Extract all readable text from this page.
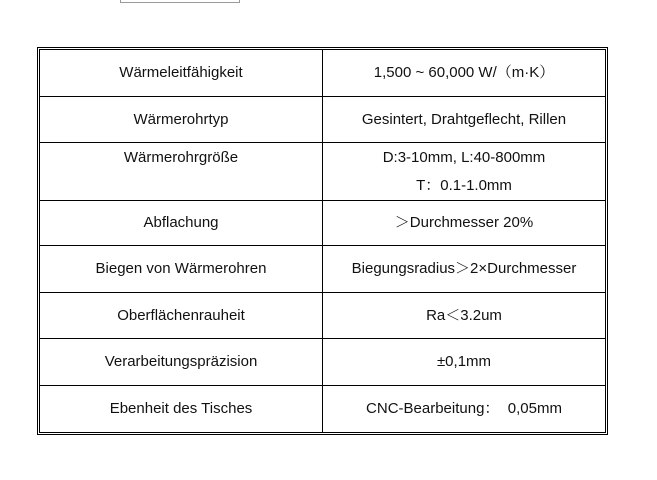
Wärmeleitfähigkeit	1,500 ~ 60,000 W/（m·K）

Wärmerohrtyp	Gesintert, Drahtgeflecht, Rillen

Wärmerohrgröße	D:3-10mm, L:40-800mm
T：0.1-1.0mm

Abflachung	＞Durchmesser 20%

Biegen von Wärmerohren	Biegungsradius＞2×Durchmesser

Oberflächenrauheit	Ra＜3.2um

Verarbeitungspräzision	±0,1mm

Ebenheit des Tisches	CNC-Bearbeitung：  0,05mm
